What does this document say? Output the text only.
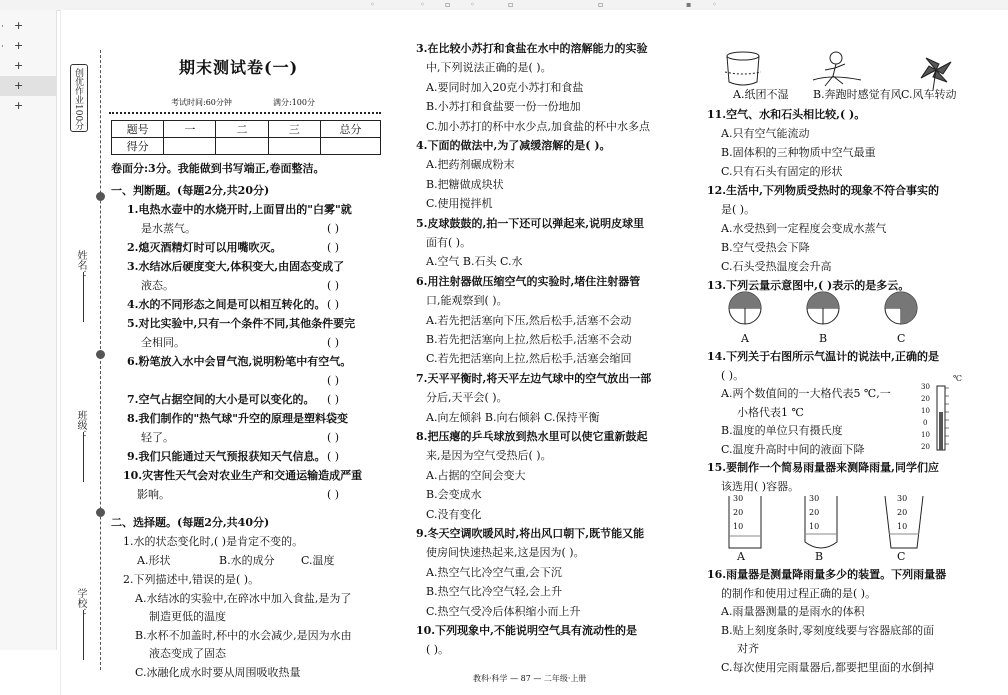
◦	◦	▫ ◦	▫	▫	▪	◦
+
·
+
·
+
+
+	创优作业100分
姓名：
班级：
学校：
期末测试卷(一)
考试时间:60分钟	满分:100分
题号	一	二	三	总分
得分				
卷面分:3分。我能做到书写端正,卷面整洁。
一、判断题。(每题2分,共20分)
1.电热水壶中的水烧开时,上面冒出的"白雾"就
是水蒸气。	( )
2.熄灭酒精灯时可以用嘴吹灭。	( )
3.水结冰后硬度变大,体积变大,由固态变成了
液态。	( )
4.水的不同形态之间是可以相互转化的。 ( )
5.对比实验中,只有一个条件不同,其他条件要完
全相同。	( )
6.粉笔放入水中会冒气泡,说明粉笔中有空气。
( )
7.空气占据空间的大小是可以变化的。 ( )
8.我们制作的"热气球"升空的原理是塑料袋变
轻了。	( )
9.我们只能通过天气预报获知天气信息。 ( )
10.灾害性天气会对农业生产和交通运输造成严重
影响。	( )
二、选择题。(每题2分,共40分)
1.水的状态变化时,( )是肯定不变的。
A.形状	B.水的成分 C.温度
2.下列描述中,错误的是( )。
A.水结冰的实验中,在碎冰中加入食盐,是为了
制造更低的温度
B.水杯不加盖时,杯中的水会减少,是因为水由
液态变成了固态
C.冰融化成水时要从周围吸收热量
3.在比较小苏打和食盐在水中的溶解能力的实验
中,下列说法正确的是( )。
A.要同时加入20克小苏打和食盐
B.小苏打和食盐要一份一份地加
C.加小苏打的杯中水少点,加食盐的杯中水多点
4.下面的做法中,为了减缓溶解的是( )。
A.把药剂碾成粉末
B.把糖做成块状
C.使用搅拌机
5.皮球鼓鼓的,拍一下还可以弹起来,说明皮球里
面有( )。
A.空气 B.石头 C.水
6.用注射器做压缩空气的实验时,堵住注射器管
口,能观察到( )。
A.若先把活塞向下压,然后松手,活塞不会动
B.若先把活塞向上拉,然后松手,活塞不会动
C.若先把活塞向上拉,然后松手,活塞会缩回
7.天平平衡时,将天平左边气球中的空气放出一部
分后,天平会( )。
A.向左倾斜 B.向右倾斜 C.保持平衡
8.把压瘪的乒乓球放到热水里可以使它重新鼓起
来,是因为空气受热后( )。
A.占据的空间会变大
B.会变成水
C.没有变化
9.冬天空调吹暖风时,将出风口朝下,既节能又能
使房间快速热起来,这是因为( )。
A.热空气比冷空气重,会下沉
B.热空气比冷空气轻,会上升
C.热空气受冷后体积缩小而上升
10.下列现象中,不能说明空气具有流动性的是
( )。
A.纸团不湿 B.奔跑时感觉有风 C.风车转动
11.空气、水和石头相比较,( )。
A.只有空气能流动
B.固体积的三种物质中空气最重
C.只有石头有固定的形状
12.生活中,下列物质受热时的现象不符合事实的
是( )。
A.水受热到一定程度会变成水蒸气
B.空气受热会下降
C.石头受热温度会升高
13.下列云量示意图中,( )表示的是多云。
A	B	C
14.下列关于右图所示气温计的说法中,正确的是
( )。
A.两个数值间的一大格代表5 ℃,一
小格代表1 ℃
B.温度的单位只有摄氏度
C.温度升高时中间的液面下降
15.要制作一个简易雨量器来测降雨量,同学们应
该选用( )容器。
30
20
10
0
10
20
℃
30
20
10
30
20
10
30
20
10
A	B	C
16.雨量器是测量降雨量多少的装置。下列雨量器
的制作和使用过程正确的是( )。
A.雨量器测量的是雨水的体积
B.贴上刻度条时,零刻度线要与容器底部的面
对齐
C.每次使用完雨量器后,都要把里面的水倒掉
教科·科学 — 87 — 二年级·上册
